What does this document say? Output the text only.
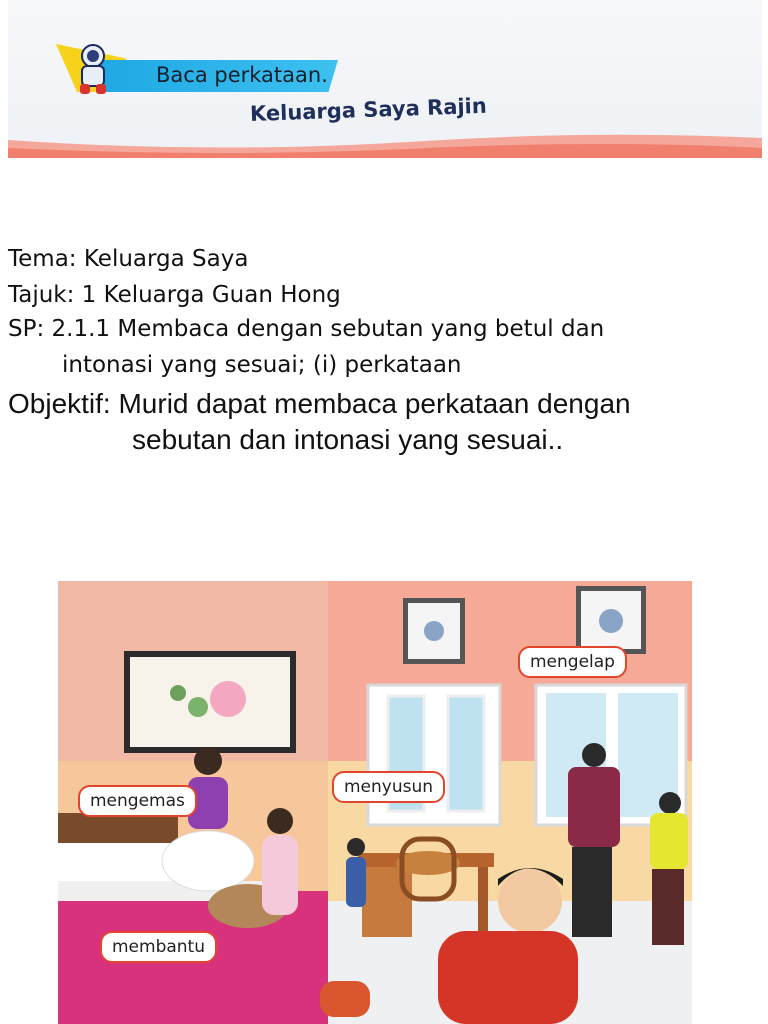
Baca perkataan.
Keluarga Saya Rajin
Tema: Keluarga Saya
Tajuk: 1 Keluarga Guan Hong
SP: 2.1.1 Membaca dengan sebutan yang betul dan
intonasi yang sesuai; (i) perkataan
Objektif: Murid dapat membaca perkataan dengan
sebutan dan intonasi yang sesuai..
mengelap
menyusun
mengemas
membantu
